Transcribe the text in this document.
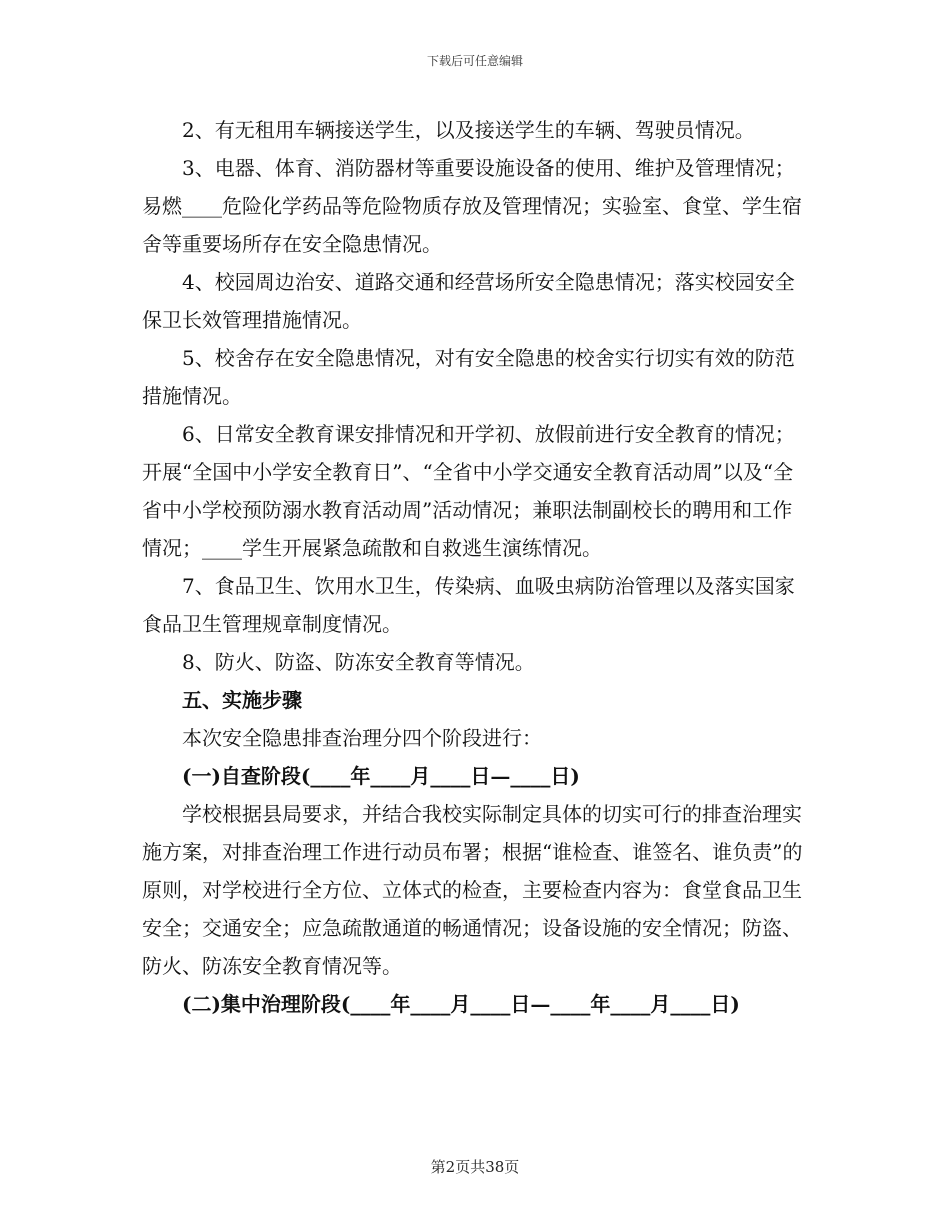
下载后可任意编辑

2、有无租用车辆接送学生，以及接送学生的车辆、驾驶员情况。

3、电器、体育、消防器材等重要设施设备的使用、维护及管理情况；易燃____危险化学药品等危险物质存放及管理情况；实验室、食堂、学生宿舍等重要场所存在安全隐患情况。

4、校园周边治安、道路交通和经营场所安全隐患情况；落实校园安全保卫长效管理措施情况。

5、校舍存在安全隐患情况，对有安全隐患的校舍实行切实有效的防范措施情况。

6、日常安全教育课安排情况和开学初、放假前进行安全教育的情况；开展“全国中小学安全教育日”、“全省中小学交通安全教育活动周”以及“全省中小学校预防溺水教育活动周”活动情况；兼职法制副校长的聘用和工作情况；____学生开展紧急疏散和自救逃生演练情况。

7、食品卫生、饮用水卫生，传染病、血吸虫病防治管理以及落实国家食品卫生管理规章制度情况。

8、防火、防盗、防冻安全教育等情况。

五、实施步骤

本次安全隐患排查治理分四个阶段进行：

(一)自查阶段(____年____月____日—____日)

学校根据县局要求，并结合我校实际制定具体的切实可行的排查治理实施方案，对排查治理工作进行动员布署；根据“谁检查、谁签名、谁负责”的原则，对学校进行全方位、立体式的检查，主要检查内容为：食堂食品卫生安全；交通安全；应急疏散通道的畅通情况；设备设施的安全情况；防盗、防火、防冻安全教育情况等。

(二)集中治理阶段(____年____月____日—____年____月____日)

第2页共38页
